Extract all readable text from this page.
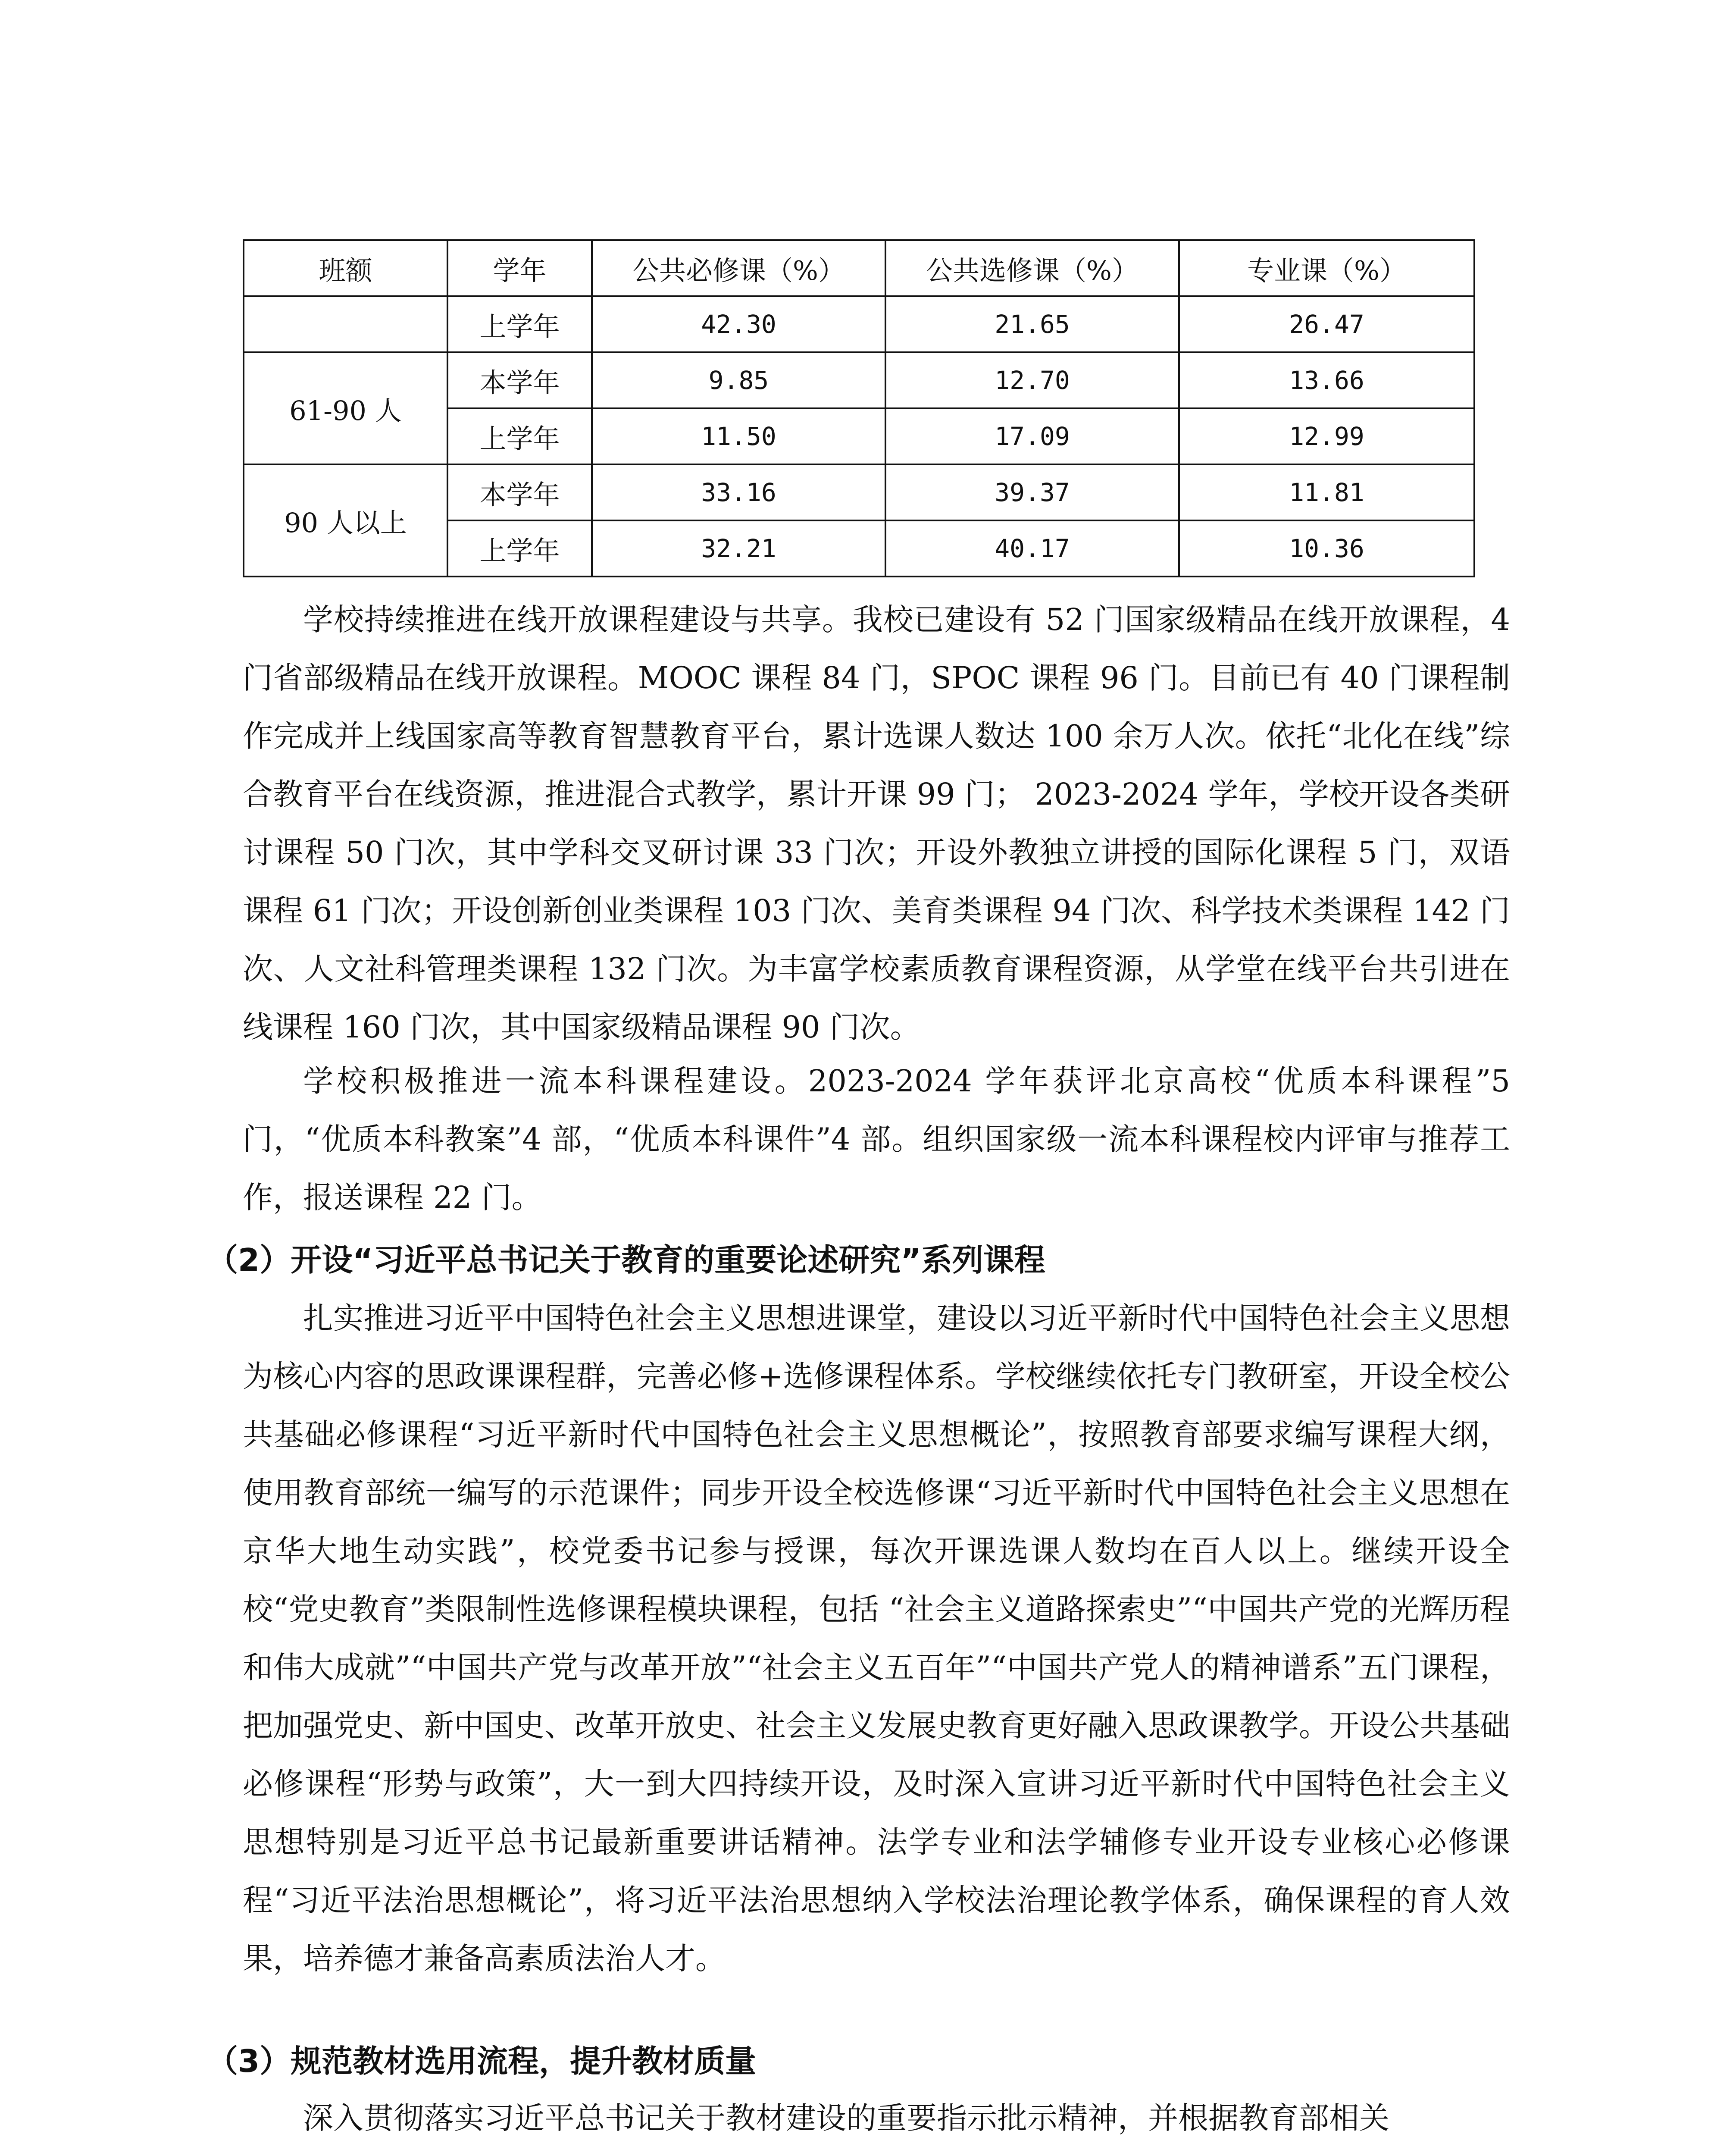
班额	学年	公共必修课（%）	公共选修课（%）	专业课（%）
	上学年	42.30	21.65	26.47
61-90 人	本学年	9.85	12.70	13.66
	上学年	11.50	17.09	12.99
90 人以上	本学年	33.16	39.37	11.81
	上学年	32.21	40.17	10.36

学校持续推进在线开放课程建设与共享。我校已建设有 52 门国家级精品在线开放课程，4 门省部级精品在线开放课程。MOOC 课程 84 门，SPOC 课程 96 门。目前已有 40 门课程制作完成并上线国家高等教育智慧教育平台，累计选课人数达 100 余万人次。依托“北化在线”综合教育平台在线资源，推进混合式教学，累计开课 99 门； 2023-2024 学年，学校开设各类研讨课程 50 门次，其中学科交叉研讨课 33 门次；开设外教独立讲授的国际化课程 5 门，双语课程 61 门次；开设创新创业类课程 103 门次、美育类课程 94 门次、科学技术类课程 142 门次、人文社科管理类课程 132 门次。为丰富学校素质教育课程资源，从学堂在线平台共引进在线课程 160 门次，其中国家级精品课程 90 门次。

学校积极推进一流本科课程建设。2023-2024 学年获评北京高校“优质本科课程”5 门，“优质本科教案”4 部，“优质本科课件”4 部。组织国家级一流本科课程校内评审与推荐工作，报送课程 22 门。

（2）开设“习近平总书记关于教育的重要论述研究”系列课程

扎实推进习近平中国特色社会主义思想进课堂，建设以习近平新时代中国特色社会主义思想为核心内容的思政课课程群，完善必修+选修课程体系。学校继续依托专门教研室，开设全校公共基础必修课程“习近平新时代中国特色社会主义思想概论”，按照教育部要求编写课程大纲，使用教育部统一编写的示范课件；同步开设全校选修课“习近平新时代中国特色社会主义思想在京华大地生动实践”，校党委书记参与授课，每次开课选课人数均在百人以上。继续开设全校“党史教育”类限制性选修课程模块课程，包括 “社会主义道路探索史”“中国共产党的光辉历程和伟大成就”“中国共产党与改革开放”“社会主义五百年”“中国共产党人的精神谱系”五门课程，把加强党史、新中国史、改革开放史、社会主义发展史教育更好融入思政课教学。开设公共基础必修课程“形势与政策”，大一到大四持续开设，及时深入宣讲习近平新时代中国特色社会主义思想特别是习近平总书记最新重要讲话精神。法学专业和法学辅修专业开设专业核心必修课程“习近平法治思想概论”，将习近平法治思想纳入学校法治理论教学体系，确保课程的育人效果，培养德才兼备高素质法治人才。

（3）规范教材选用流程，提升教材质量

深入贯彻落实习近平总书记关于教材建设的重要指示批示精神，并根据教育部相关
